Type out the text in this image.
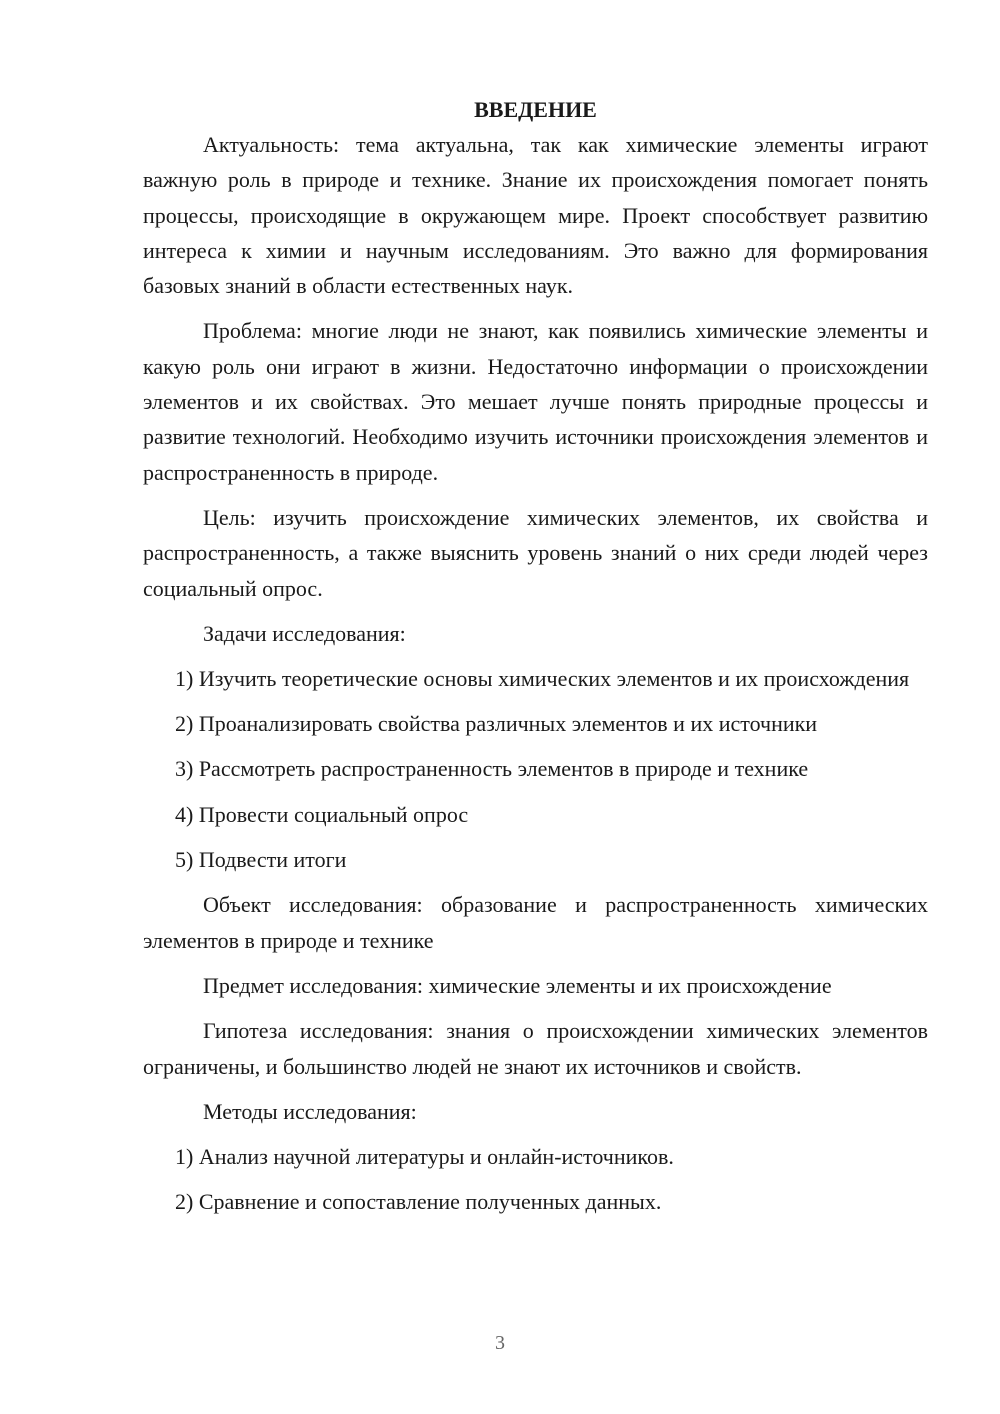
ВВЕДЕНИЕ

Актуальность: тема актуальна, так как химические элементы играют важную роль в природе и технике. Знание их происхождения помогает понять процессы, происходящие в окружающем мире. Проект способствует развитию интереса к химии и научным исследованиям. Это важно для формирования базовых знаний в области естественных наук.

Проблема: многие люди не знают, как появились химические элементы и какую роль они играют в жизни. Недостаточно информации о происхождении элементов и их свойствах. Это мешает лучше понять природные процессы и развитие технологий. Необходимо изучить источники происхождения элементов и распространенность в природе.

Цель: изучить происхождение химических элементов, их свойства и распространенность, а также выяснить уровень знаний о них среди людей через социальный опрос.

Задачи исследования:

1) Изучить теоретические основы химических элементов и их происхождения

2) Проанализировать свойства различных элементов и их источники

3) Рассмотреть распространенность элементов в природе и технике

4) Провести социальный опрос

5) Подвести итоги

Объект исследования: образование и распространенность химических элементов в природе и технике

Предмет исследования: химические элементы и их происхождение

Гипотеза исследования: знания о происхождении химических элементов ограничены, и большинство людей не знают их источников и свойств.

Методы исследования:

1) Анализ научной литературы и онлайн-источников.

2) Сравнение и сопоставление полученных данных.

3
